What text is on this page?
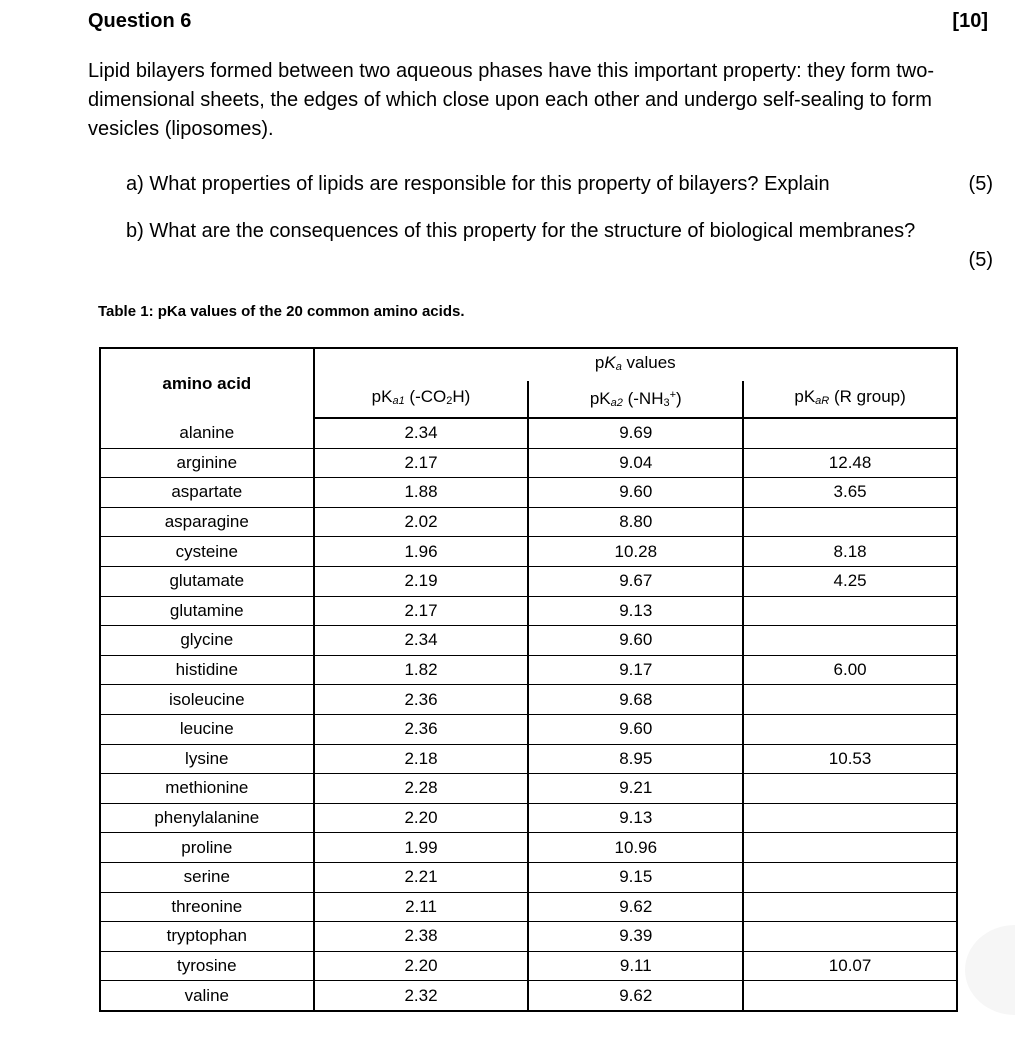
Question 6	[10]
Lipid bilayers formed between two aqueous phases have this important property: they form two-dimensional sheets, the edges of which close upon each other and undergo self-sealing to form vesicles (liposomes).
a) What properties of lipids are responsible for this property of bilayers? Explain	(5)
b) What are the consequences of this property for the structure of biological membranes?
(5)
Table 1: pKa values of the 20 common amino acids.
amino acid	pKa values		
	pKa1 (-CO2H)	pKa2 (-NH3+)	pKaR (R group)
alanine	2.34	9.69	
arginine	2.17	9.04	12.48
aspartate	1.88	9.60	3.65
asparagine	2.02	8.80	
cysteine	1.96	10.28	8.18
glutamate	2.19	9.67	4.25
glutamine	2.17	9.13	
glycine	2.34	9.60	
histidine	1.82	9.17	6.00
isoleucine	2.36	9.68	
leucine	2.36	9.60	
lysine	2.18	8.95	10.53
methionine	2.28	9.21	
phenylalanine	2.20	9.13	
proline	1.99	10.96	
serine	2.21	9.15	
threonine	2.11	9.62	
tryptophan	2.38	9.39	
tyrosine	2.20	9.11	10.07
valine	2.32	9.62	
